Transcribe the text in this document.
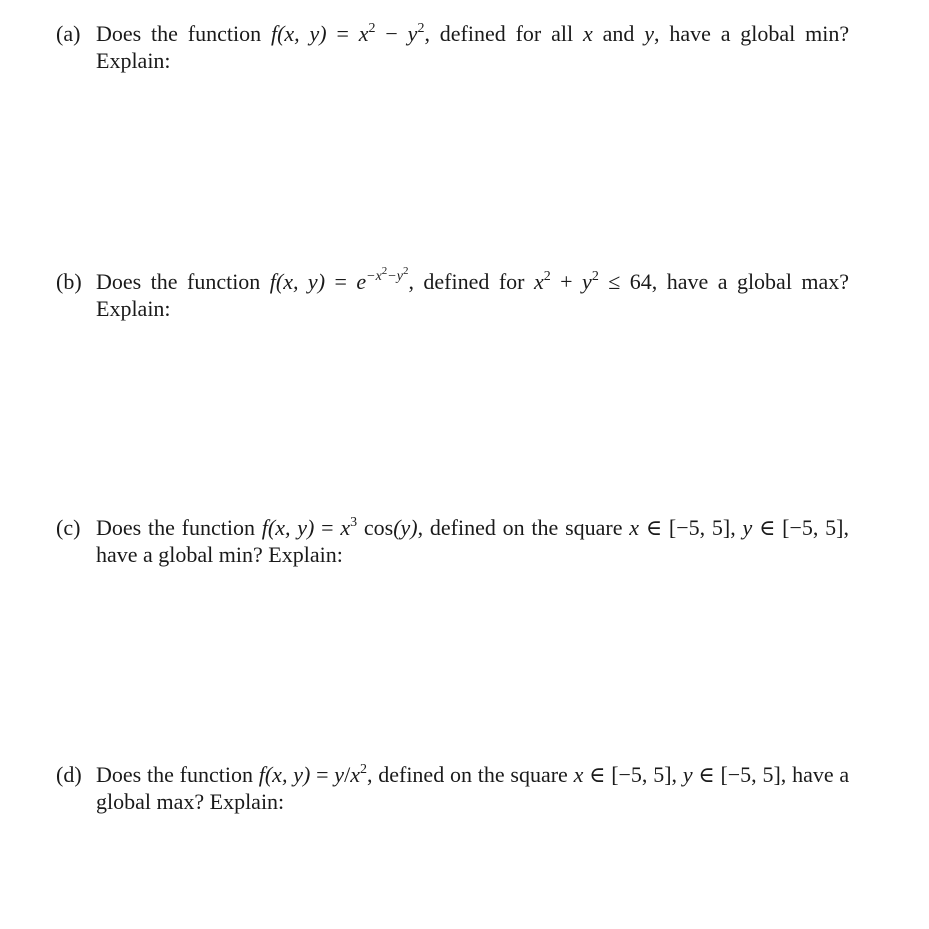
(a) Does the function f(x, $y) = x^2 - y^2$, defined for all x and y, have a global min? Explain:
(b) Does the function f(x, $y) = e^{-x^2-y^2}$, defined for $x^2 + y^2 \le 64$, have a global max? Explain:
(c) Does the function f(x, $y) = x^3$ cos(y), defined on the square x ∈ [−5, 5], y ∈ [−5, 5], have a global min? Explain:
(d) Does the function f(x, $y) = y/x^2$, defined on the square x ∈ [−5, 5], y ∈ [−5, 5], have a global max? Explain:
